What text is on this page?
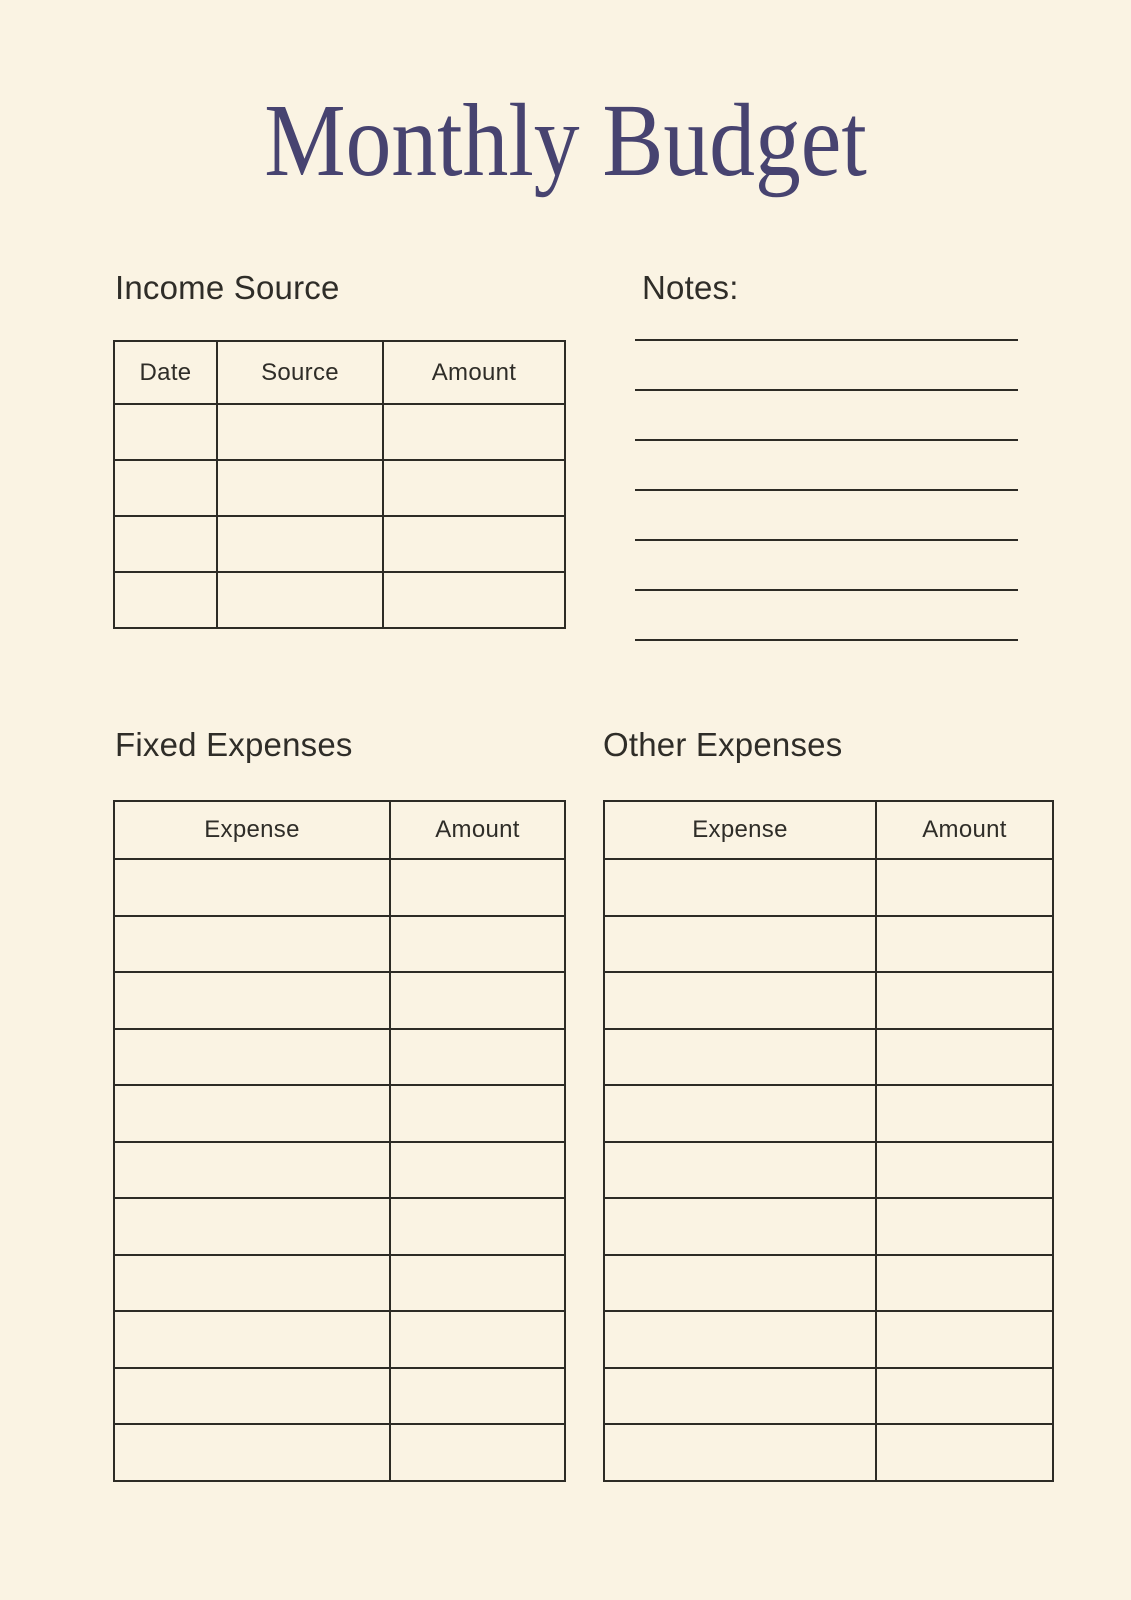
Monthly Budget
Income Source
Date	Source	Amount

Notes:
Fixed Expenses
Expense	Amount

Other Expenses
Expense	Amount
